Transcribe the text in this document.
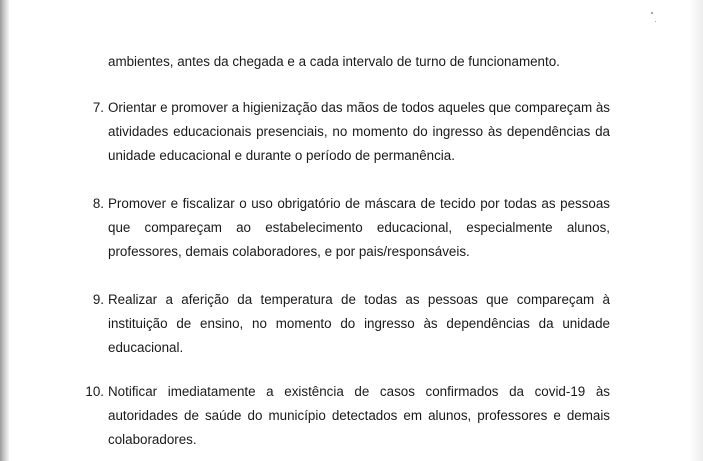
ambientes, antes da chegada e a cada intervalo de turno de funcionamento.
7. Orientar e promover a higienização das mãos de todos aqueles que compareçam às
atividades educacionais presenciais, no momento do ingresso às dependências da
unidade educacional e durante o período de permanência.
8. Promover e fiscalizar o uso obrigatório de máscara de tecido por todas as pessoas
que compareçam ao estabelecimento educacional, especialmente alunos,
professores, demais colaboradores, e por pais/responsáveis.
9. Realizar a aferição da temperatura de todas as pessoas que compareçam à
instituição de ensino, no momento do ingresso às dependências da unidade
educacional.
10. Notificar imediatamente a existência de casos confirmados da covid-19 às
autoridades de saúde do município detectados em alunos, professores e demais
colaboradores.
